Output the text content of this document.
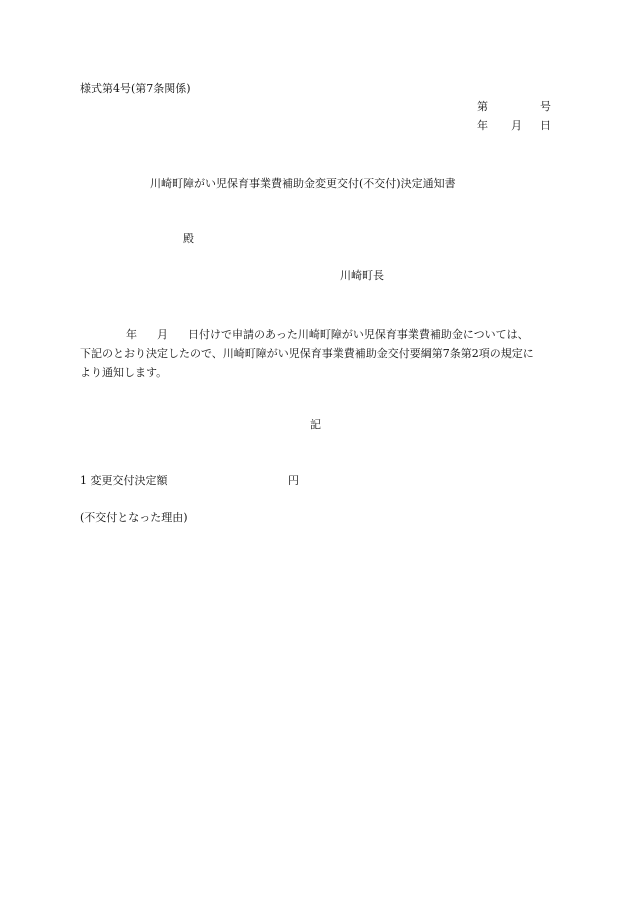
様式第4号(第7条関係)
第	号
年 月 日
川崎町障がい児保育事業費補助金変更交付(不交付)決定通知書
殿
川崎町長
年 月 日付けで申請のあった川崎町障がい児保育事業費補助金については、
下記のとおり決定したので、川崎町障がい児保育事業費補助金交付要綱第7条第2項の規定に
より通知します。
記
1 変更交付決定額	円
(不交付となった理由)
